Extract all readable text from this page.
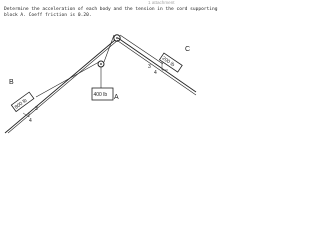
1 attachment
Determine the acceleration of each body and the tension in the cord supporting
block A. Coeff friction is 0.20.
800 lb
B
3
4
400 lb A
200 lb
C
3
4
